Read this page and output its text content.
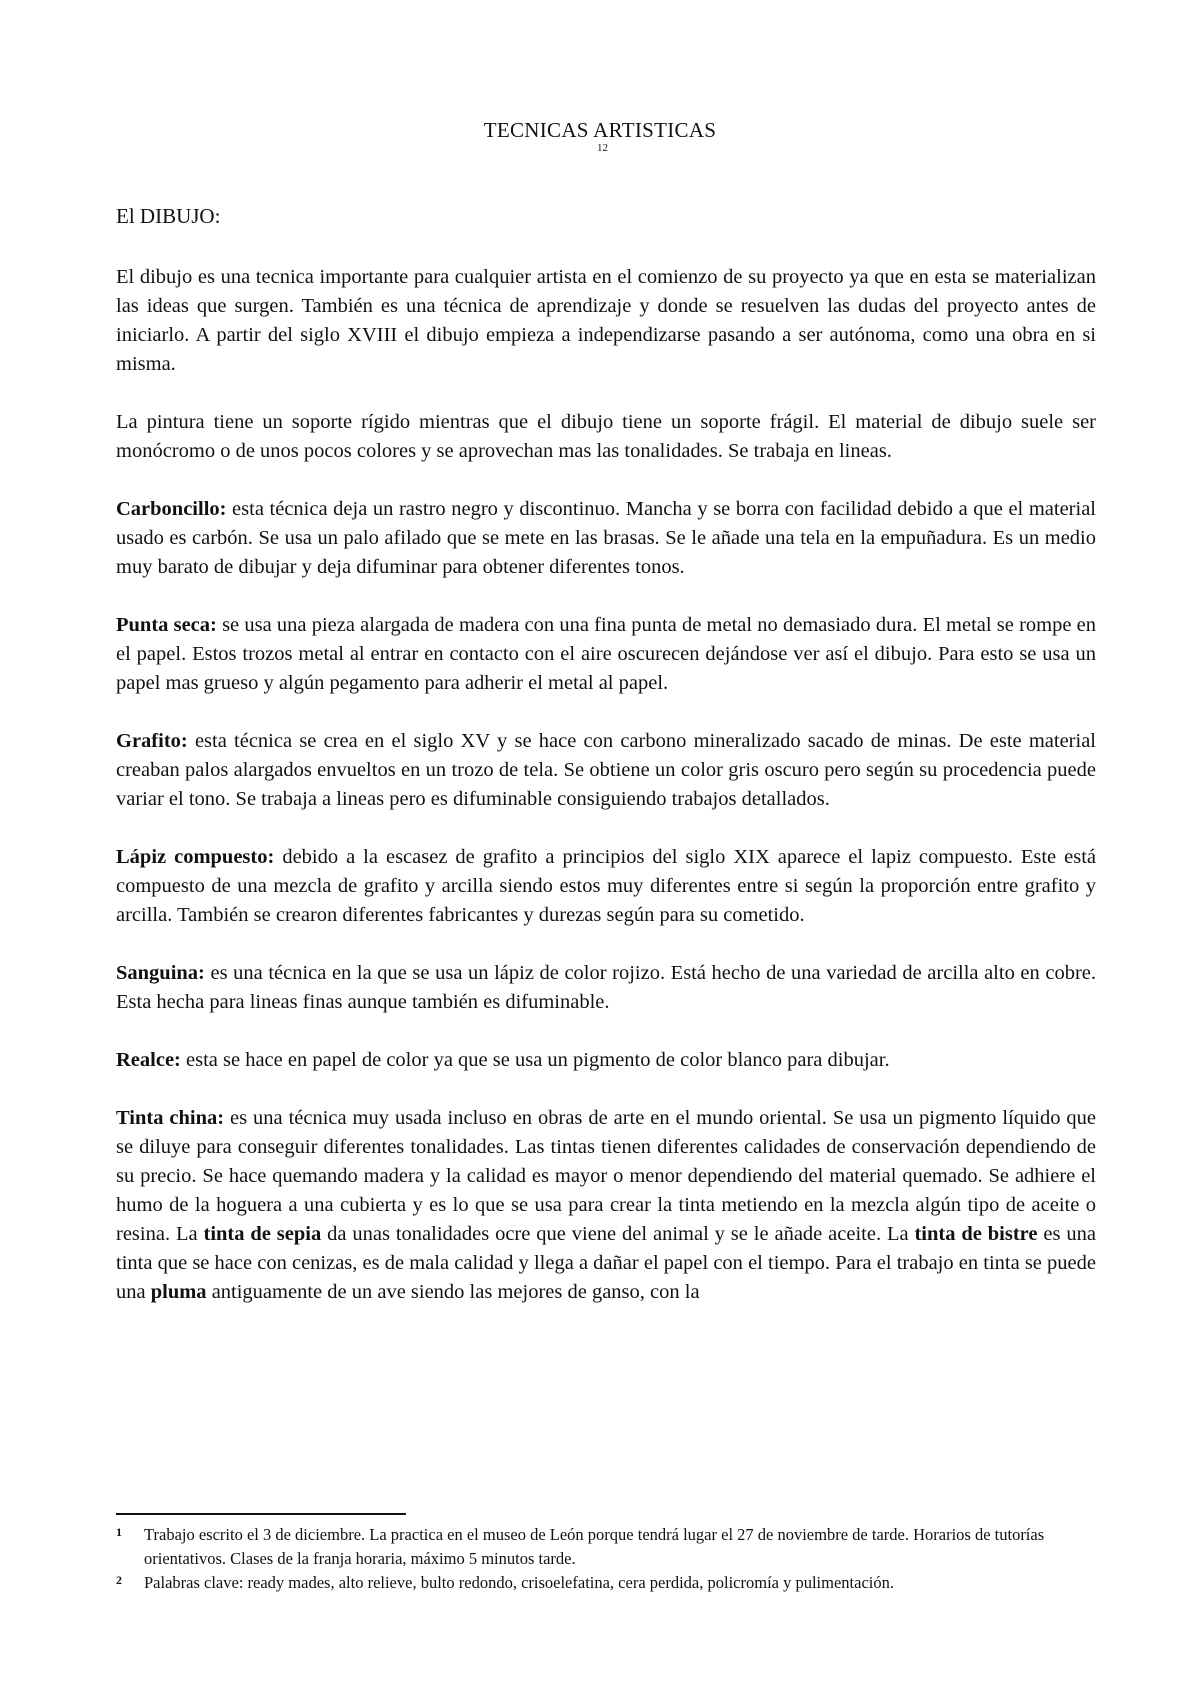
TECNICAS ARTISTICAS
12
El DIBUJO:

El dibujo es una tecnica importante para cualquier artista en el comienzo de su proyecto ya que en esta se materializan las ideas que surgen. También es una técnica de aprendizaje y donde se resuelven las dudas del proyecto antes de iniciarlo. A partir del siglo XVIII el dibujo empieza a independizarse pasando a ser autónoma, como una obra en si misma.

La pintura tiene un soporte rígido mientras que el dibujo tiene un soporte frágil. El material de dibujo suele ser monócromo o de unos pocos colores y se aprovechan mas las tonalidades. Se trabaja en lineas.

Carboncillo: esta técnica deja un rastro negro y discontinuo. Mancha y se borra con facilidad debido a que el material usado es carbón. Se usa un palo afilado que se mete en las brasas. Se le añade una tela en la empuñadura. Es un medio muy barato de dibujar y deja difuminar para obtener diferentes tonos.

Punta seca: se usa una pieza alargada de madera con una fina punta de metal no demasiado dura. El metal se rompe en el papel. Estos trozos metal al entrar en contacto con el aire oscurecen dejándose ver así el dibujo. Para esto se usa un papel mas grueso y algún pegamento para adherir el metal al papel.

Grafito: esta técnica se crea en el siglo XV y se hace con carbono mineralizado sacado de minas. De este material creaban palos alargados envueltos en un trozo de tela. Se obtiene un color gris oscuro pero según su procedencia puede variar el tono. Se trabaja a lineas pero es difuminable consiguiendo trabajos detallados.

Lápiz compuesto: debido a la escasez de grafito a principios del siglo XIX aparece el lapiz compuesto. Este está compuesto de una mezcla de grafito y arcilla siendo estos muy diferentes entre si según la proporción entre grafito y arcilla. También se crearon diferentes fabricantes y durezas según para su cometido.

Sanguina: es una técnica en la que se usa un lápiz de color rojizo. Está hecho de una variedad de arcilla alto en cobre. Esta hecha para lineas finas aunque también es difuminable.

Realce: esta se hace en papel de color ya que se usa un pigmento de color blanco para dibujar.

Tinta china: es una técnica muy usada incluso en obras de arte en el mundo oriental. Se usa un pigmento líquido que se diluye para conseguir diferentes tonalidades. Las tintas tienen diferentes calidades de conservación dependiendo de su precio. Se hace quemando madera y la calidad es mayor o menor dependiendo del material quemado. Se adhiere el humo de la hoguera a una cubierta y es lo que se usa para crear la tinta metiendo en la mezcla algún tipo de aceite o resina. La tinta de sepia da unas tonalidades ocre que viene del animal y se le añade aceite. La tinta de bistre es una tinta que se hace con cenizas, es de mala calidad y llega a dañar el papel con el tiempo. Para el trabajo en tinta se puede una pluma antiguamente de un ave siendo las mejores de ganso, con la

1 Trabajo escrito el 3 de diciembre. La practica en el museo de León porque tendrá lugar el 27 de noviembre de tarde. Horarios de tutorías orientativos. Clases de la franja horaria, máximo 5 minutos tarde.
2 Palabras clave: ready mades, alto relieve, bulto redondo, crisoelefatina, cera perdida, policromía y pulimentación.
